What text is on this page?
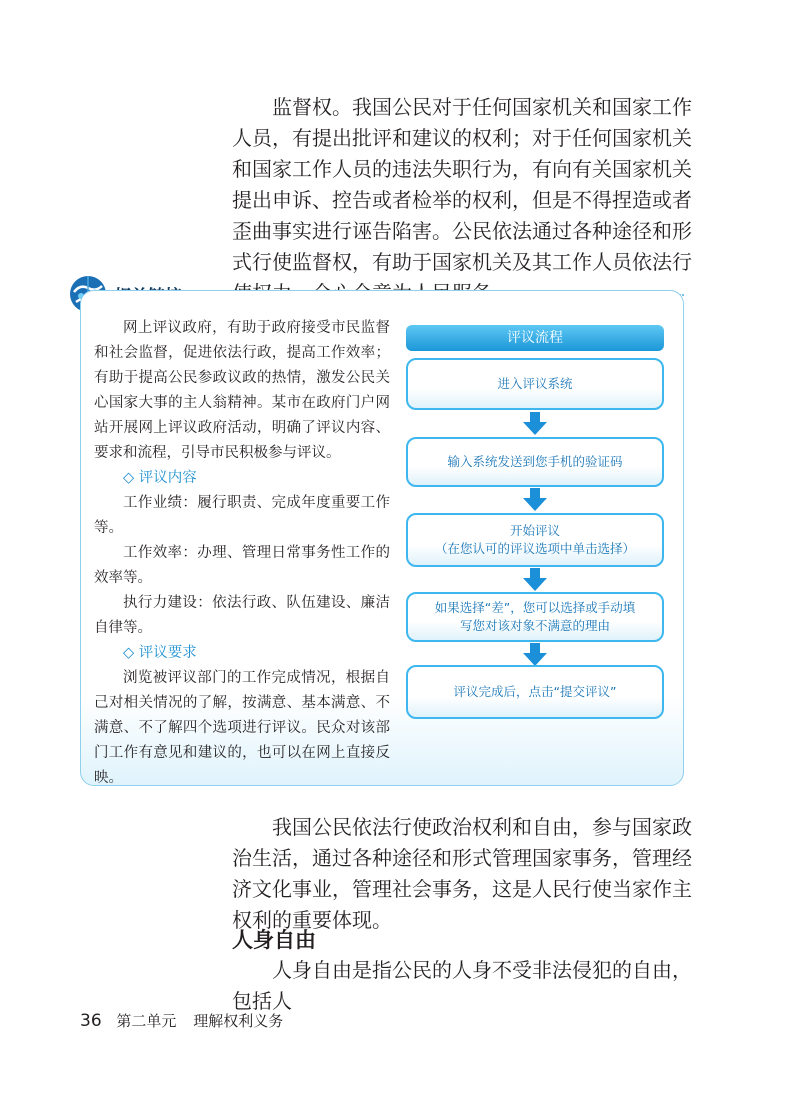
监督权。我国公民对于任何国家机关和国家工作人员，有提出批评和建议的权利；对于任何国家机关和国家工作人员的违法失职行为，有向有关国家机关提出申诉、控告或者检举的权利，但是不得捏造或者歪曲事实进行诬告陷害。公民依法通过各种途径和形式行使监督权，有助于国家机关及其工作人员依法行

网上评议政府，有助于政府接受市民监督和社会监督，促进依法行政，提高工作效率；有助于提高公民参政议政的热情，激发公民关心国家大事的主人翁精神。某市在政府门户网站开展网上评议政府活动，明确了评议内容、要求和流程，引导市民积极参与评议。

◇ 评议内容

工作业绩：履行职责、完成年度重要工作等。

工作效率：办理、管理日常事务性工作的效率等。

执行力建设：依法行政、队伍建设、廉洁自律等。

◇ 评议要求

浏览被评议部门的工作完成情况，根据自己对相关情况的了解，按满意、基本满意、不满意、不了解四个选项进行评议。民众对该部门工作有意见和建议的，也可以在网上直接反映。

评议流程
进入评议系统
输入系统发送到您手机的验证码
开始评议
（在您认可的评议选项中单击选择）
如果选择“差”，您可以选择或手动填
写您对该对象不满意的理由
评议完成后，点击“提交评议”

我国公民依法行使政治权利和自由，参与国家政治生活，通过各种途径和形式管理国家事务，管理经济文化事业，管理社会事务，这是人民行使当家作主权利的重要体现。

人身自由

人身自由是指公民的人身不受非法侵犯的自由，包括人

36 第二单元 理解权利义务
